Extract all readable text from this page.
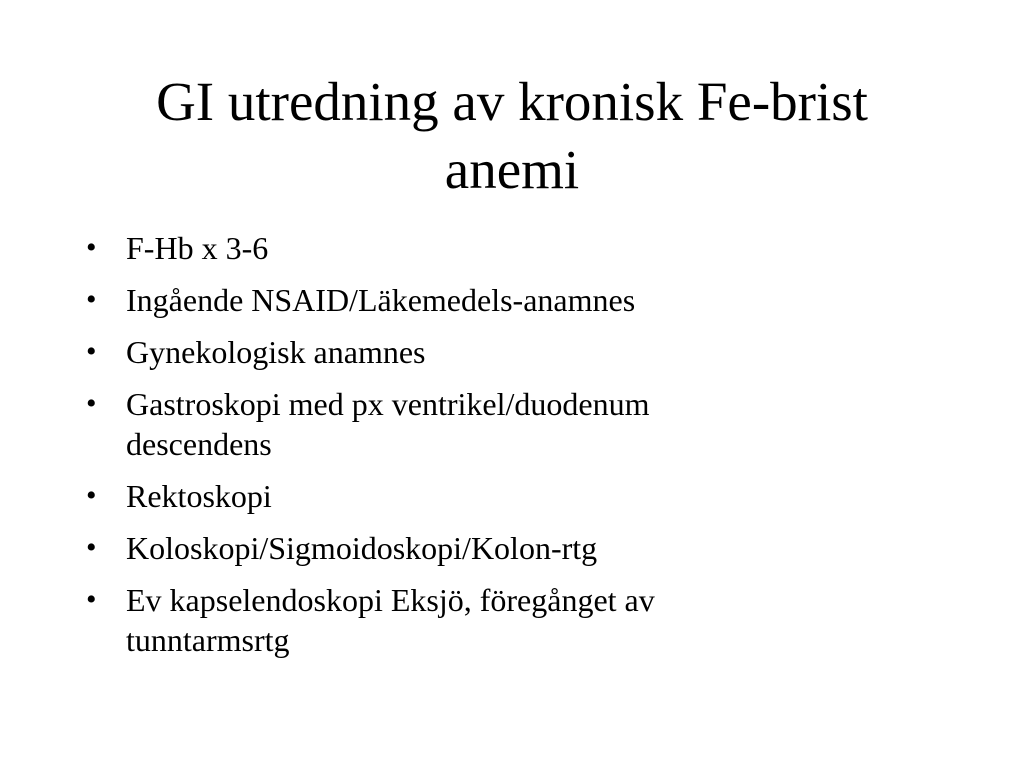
GI utredning av kronisk Fe-brist
anemi
• F-Hb x 3-6
• Ingående NSAID/Läkemedels-anamnes
• Gynekologisk anamnes
• Gastroskopi med px ventrikel/duodenum
descendens
• Rektoskopi
• Koloskopi/Sigmoidoskopi/Kolon-rtg
• Ev kapselendoskopi Eksjö, föregånget av
tunntarmsrtg
